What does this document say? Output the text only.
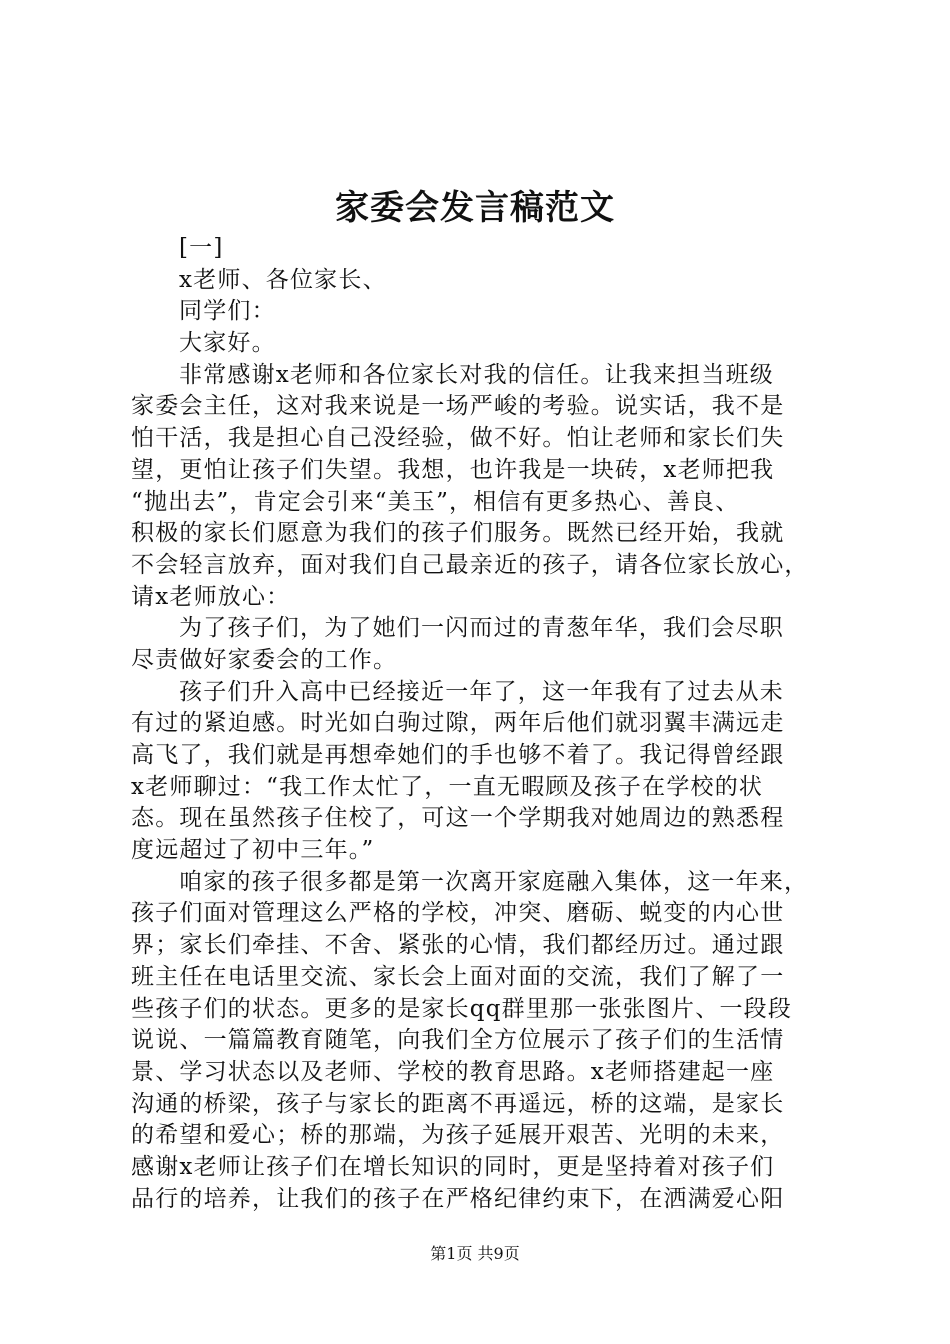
家委会发言稿范文
[一]
x老师、各位家长、
同学们：
大家好。
非常感谢x老师和各位家长对我的信任。让我来担当班级
家委会主任，这对我来说是一场严峻的考验。说实话，我不是
怕干活，我是担心自己没经验，做不好。怕让老师和家长们失
望，更怕让孩子们失望。我想，也许我是一块砖，x老师把我
“抛出去”，肯定会引来“美玉”，相信有更多热心、善良、
积极的家长们愿意为我们的孩子们服务。既然已经开始，我就
不会轻言放弃，面对我们自己最亲近的孩子，请各位家长放心，
请x老师放心：
为了孩子们，为了她们一闪而过的青葱年华，我们会尽职
尽责做好家委会的工作。
孩子们升入高中已经接近一年了，这一年我有了过去从未
有过的紧迫感。时光如白驹过隙，两年后他们就羽翼丰满远走
高飞了，我们就是再想牵她们的手也够不着了。我记得曾经跟
x老师聊过：“我工作太忙了，一直无暇顾及孩子在学校的状
态。现在虽然孩子住校了，可这一个学期我对她周边的熟悉程
度远超过了初中三年。”
咱家的孩子很多都是第一次离开家庭融入集体，这一年来，
孩子们面对管理这么严格的学校，冲突、磨砺、蜕变的内心世
界；家长们牵挂、不舍、紧张的心情，我们都经历过。通过跟
班主任在电话里交流、家长会上面对面的交流，我们了解了一
些孩子们的状态。更多的是家长qq群里那一张张图片、一段段
说说、一篇篇教育随笔，向我们全方位展示了孩子们的生活情
景、学习状态以及老师、学校的教育思路。x老师搭建起一座
沟通的桥梁，孩子与家长的距离不再遥远，桥的这端，是家长
的希望和爱心；桥的那端，为孩子延展开艰苦、光明的未来，
感谢x老师让孩子们在增长知识的同时，更是坚持着对孩子们
品行的培养，让我们的孩子在严格纪律约束下，在洒满爱心阳
第1页 共9页
